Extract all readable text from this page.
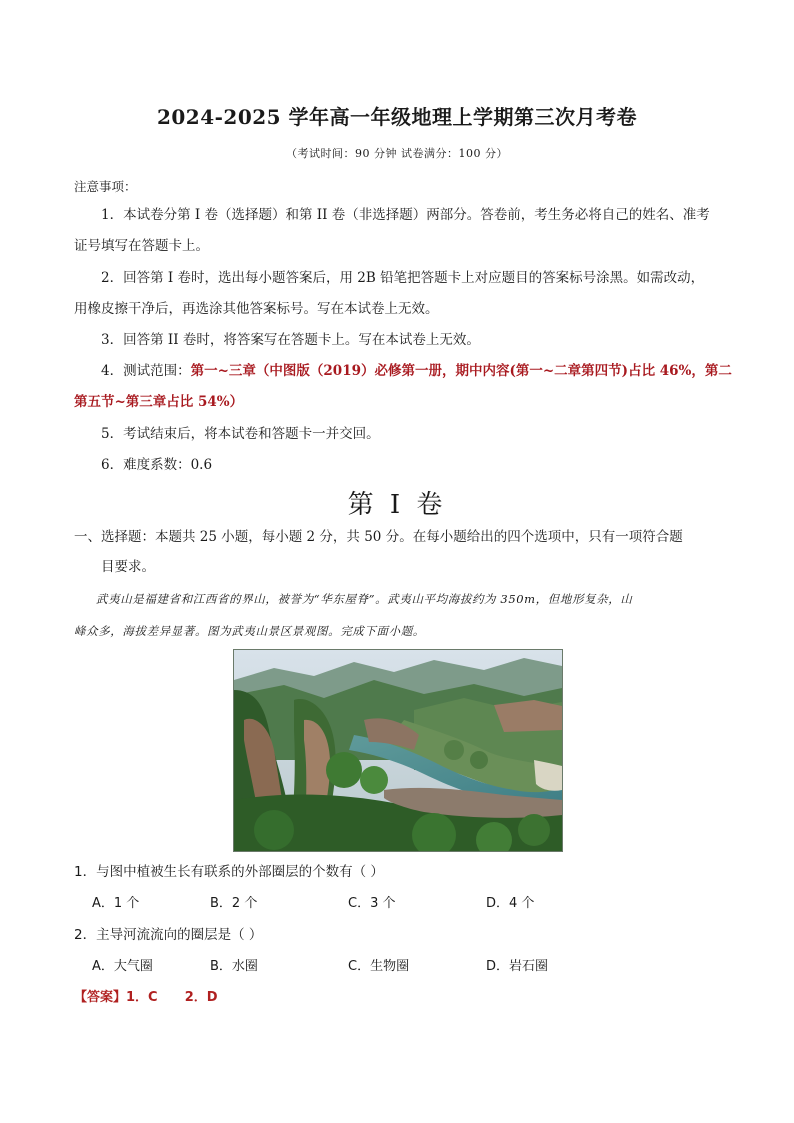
2024-2025 学年高一年级地理上学期第三次月考卷
（考试时间：90 分钟 试卷满分：100 分）
注意事项：
1．本试卷分第 I 卷（选择题）和第 II 卷（非选择题）两部分。答卷前，考生务必将自己的姓名、准考
证号填写在答题卡上。
2．回答第 I 卷时，选出每小题答案后，用 2B 铅笔把答题卡上对应题目的答案标号涂黑。如需改动，
用橡皮擦干净后，再选涂其他答案标号。写在本试卷上无效。
3．回答第 II 卷时，将答案写在答题卡上。写在本试卷上无效。
4．测试范围：第一~三章（中图版（2019）必修第一册，期中内容(第一~二章第四节)占比 46%，第二
第五节~第三章占比 54%）
5．考试结束后，将本试卷和答题卡一并交回。
6．难度系数：0.6
第 I 卷
一、选择题：本题共 25 小题，每小题 2 分，共 50 分。在每小题给出的四个选项中，只有一项符合题
目要求。
武夷山是福建省和江西省的界山，被誉为“华东屋脊”。武夷山平均海拔约为 350m，但地形复杂，山
峰众多，海拔差异显著。图为武夷山景区景观图。完成下面小题。
1．与图中植被生长有联系的外部圈层的个数有（ ）
A．1 个	B．2 个	C．3 个	D．4 个
2．主导河流流向的圈层是（ ）
A．大气圈	B．水圈	C．生物圈	D．岩石圈
【答案】1．C      2．D
